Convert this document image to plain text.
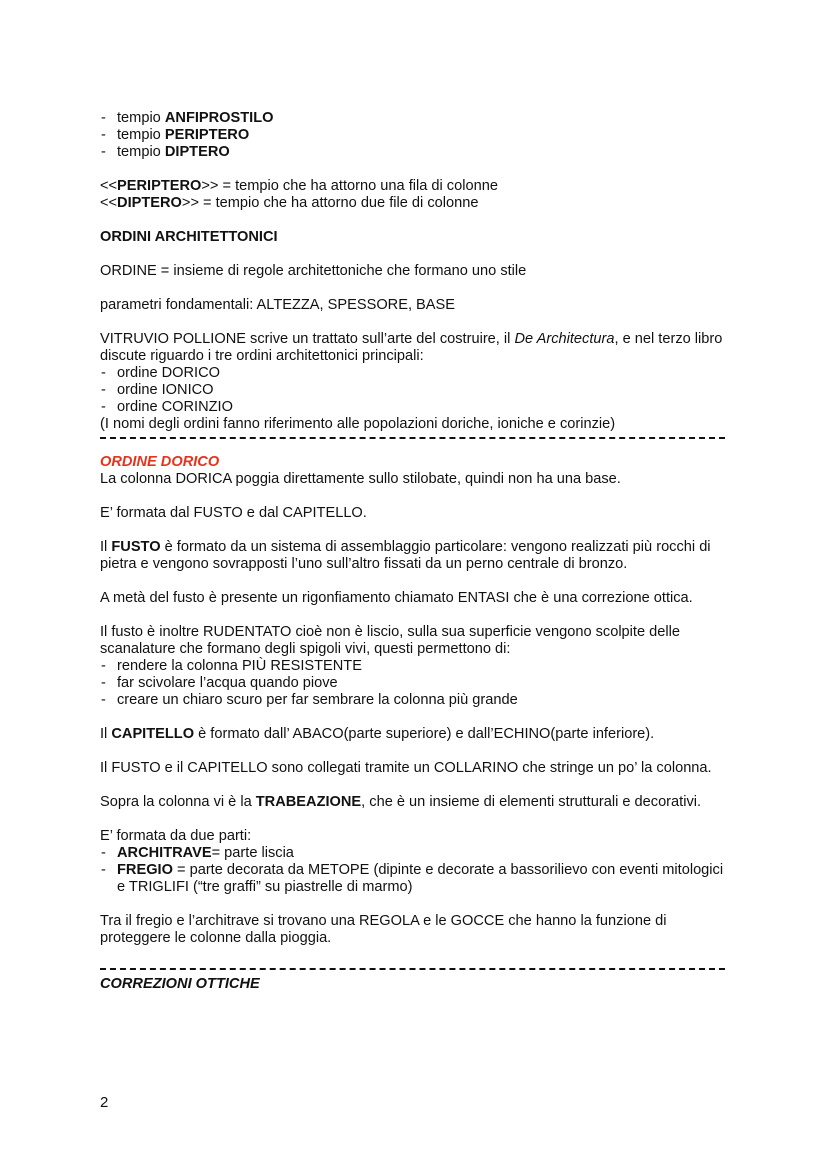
- tempio ANFIPROSTILO
- tempio PERIPTERO
- tempio DIPTERO

<<PERIPTERO>> = tempio che ha attorno una fila di colonne

<<DIPTERO>> = tempio che ha attorno due file di colonne

ORDINI ARCHITETTONICI

ORDINE = insieme di regole architettoniche che formano uno stile

parametri fondamentali: ALTEZZA, SPESSORE, BASE

VITRUVIO POLLIONE scrive un trattato sull’arte del costruire, il De Architectura, e nel terzo libro discute riguardo i tre ordini architettonici principali:

- ordine DORICO
- ordine IONICO
- ordine CORINZIO

(I nomi degli ordini fanno riferimento alle popolazioni doriche, ioniche e corinzie)

ORDINE DORICO

La colonna DORICA poggia direttamente sullo stilobate, quindi non ha una base.

E’ formata dal FUSTO e dal CAPITELLO.

Il FUSTO è formato da un sistema di assemblaggio particolare: vengono realizzati più rocchi di pietra e vengono sovrapposti l’uno sull’altro fissati da un perno centrale di bronzo.

A metà del fusto è presente un rigonfiamento chiamato ENTASI che è una correzione ottica.

Il fusto è inoltre RUDENTATO cioè non è liscio, sulla sua superficie vengono scolpite delle scanalature che formano degli spigoli vivi, questi permettono di:

- rendere la colonna PIÙ RESISTENTE
- far scivolare l’acqua quando piove
- creare un chiaro scuro per far sembrare la colonna più grande

Il CAPITELLO è formato dall’ ABACO(parte superiore) e dall’ECHINO(parte inferiore).

Il FUSTO e il CAPITELLO sono collegati tramite un COLLARINO che stringe un po’ la colonna.

Sopra la colonna vi è la TRABEAZIONE, che è un insieme di elementi strutturali e decorativi.

E’ formata da due parti:

- ARCHITRAVE= parte liscia
- FREGIO = parte decorata da METOPE (dipinte e decorate a bassorilievo con eventi mitologici e TRIGLIFI (“tre graffi” su piastrelle di marmo)

Tra il fregio e l’architrave si trovano una REGOLA e le GOCCE che hanno la funzione di proteggere le colonne dalla pioggia.

CORREZIONI OTTICHE

2
